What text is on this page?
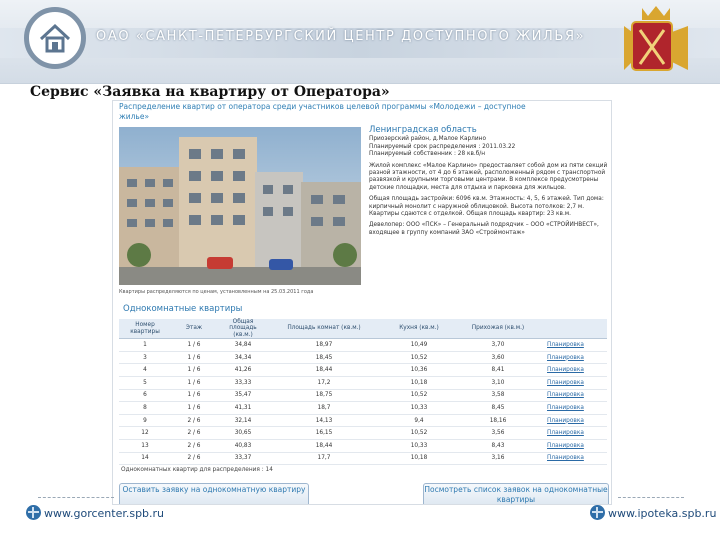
ОАО «САНКТ-ПЕТЕРБУРГСКИЙ ЦЕНТР ДОСТУПНОГО ЖИЛЬЯ»
Сервис «Заявка на квартиру от Оператора»
Распределение квартир от оператора среди участников целевой программы «Молодежи – доступное жилье»
Ленинградская область
Приозерский район, д.Малое Карлино
Планируемый срок распределения : 2011.03.22
Планируемый собственник : 28 кв.б/н
Жилой комплекс «Малое Карлино» предоставляет собой дом из пяти секций разной этажности, от 4 до 6 этажей, расположенный рядом с транспортной развязкой и крупными торговыми центрами. В комплексе предусмотрены детские площадки, места для отдыха и парковка для жильцов.
Общая площадь застройки: 6096 кв.м. Этажность: 4, 5, 6 этажей. Тип дома: кирпичный монолит с наружной облицовкой. Высота потолков: 2,7 м. Квартиры сдаются с отделкой. Общая площадь квартир: 23 кв.м.
Девелопер: ООО «ПСК» – Генеральный подрядчик – ООО «СТРОЙИНВЕСТ», входящее в группу компаний ЗАО «Строймонтаж»
Квартиры распределяются по ценам, установленным на 25.03.2011 года
Однокомнатные квартиры
Номер квартиры	Этаж	Общая площадь (кв.м.)	Площадь комнат (кв.м.)	Кухня (кв.м.)	Прихожая (кв.м.)	
1	1 / 6	34,84	18,97	10,49	3,70	Планировка
3	1 / 6	34,34	18,45	10,52	3,60	Планировка
4	1 / 6	41,26	18,44	10,36	8,41	Планировка
5	1 / 6	33,33	17,2	10,18	3,10	Планировка
6	1 / 6	35,47	18,75	10,52	3,58	Планировка
8	1 / 6	41,31	18,7	10,33	8,45	Планировка
9	2 / 6	32,14	14,13	9,4	18,16	Планировка
12	2 / 6	30,65	16,15	10,52	3,56	Планировка
13	2 / 6	40,83	18,44	10,33	8,43	Планировка
14	2 / 6	33,37	17,7	10,18	3,16	Планировка
Однокомнатных квартир для распределения : 14
Оставить заявку на однокомнатную квартиру	Посмотреть список заявок на однокомнатные квартиры
www.gorcenter.spb.ru	www.ipoteka.spb.ru
